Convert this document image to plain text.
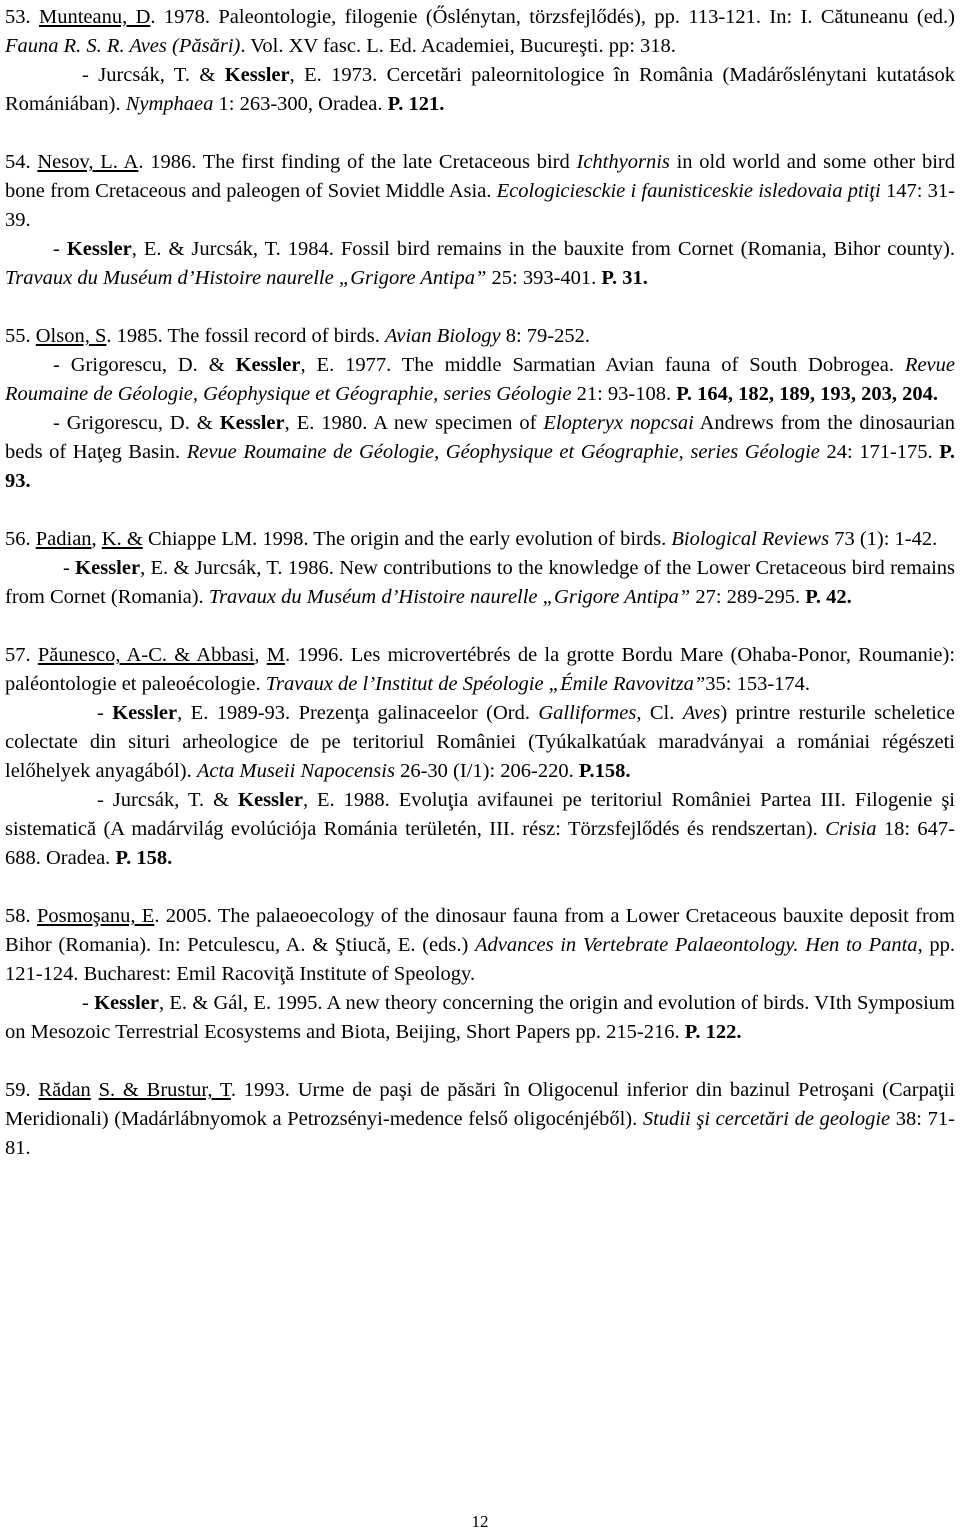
53. Munteanu, D. 1978. Paleontologie, filogenie (Őslénytan, törzsfejlődés), pp. 113-121. In: I. Cătuneanu (ed.) Fauna R. S. R. Aves (Păsări). Vol. XV fasc. L. Ed. Academiei, Bucureşti. pp: 318.

- Jurcsák, T. & Kessler, E. 1973. Cercetări paleornitologice în România (Madárőslénytani kutatások Romániában). Nymphaea 1: 263-300, Oradea. P. 121.

54. Nesov, L. A. 1986. The first finding of the late Cretaceous bird Ichthyornis in old world and some other bird bone from Cretaceous and paleogen of Soviet Middle Asia. Ecologiciesckie i faunisticeskie isledovaia ptiţi 147: 31-39.

- Kessler, E. & Jurcsák, T. 1984. Fossil bird remains in the bauxite from Cornet (Romania, Bihor county). Travaux du Muséum d’Histoire naurelle „Grigore Antipa” 25: 393-401. P. 31.

55. Olson, S. 1985. The fossil record of birds. Avian Biology 8: 79-252.

- Grigorescu, D. & Kessler, E. 1977. The middle Sarmatian Avian fauna of South Dobrogea. Revue Roumaine de Géologie, Géophysique et Géographie, series Géologie 21: 93-108. P. 164, 182, 189, 193, 203, 204.

- Grigorescu, D. & Kessler, E. 1980. A new specimen of Elopteryx nopcsai Andrews from the dinosaurian beds of Haţeg Basin. Revue Roumaine de Géologie, Géophysique et Géographie, series Géologie 24: 171-175. P. 93.

56. Padian, K. & Chiappe LM. 1998. The origin and the early evolution of birds. Biological Reviews 73 (1): 1-42.

- Kessler, E. & Jurcsák, T. 1986. New contributions to the knowledge of the Lower Cretaceous bird remains from Cornet (Romania). Travaux du Muséum d’Histoire naurelle „Grigore Antipa” 27: 289-295. P. 42.

57. Păunesco, A-C. & Abbasi, M. 1996. Les microvertébrés de la grotte Bordu Mare (Ohaba-Ponor, Roumanie): paléontologie et paleoécologie. Travaux de l’Institut de Spéologie „Émile Ravovitza”35: 153-174.

- Kessler, E. 1989-93. Prezenţa galinaceelor (Ord. Galliformes, Cl. Aves) printre resturile scheletice colectate din situri arheologice de pe teritoriul României (Tyúkalkatúak maradványai a romániai régészeti lelőhelyek anyagából). Acta Museii Napocensis 26-30 (I/1): 206-220. P.158.

- Jurcsák, T. & Kessler, E. 1988. Evoluţia avifaunei pe teritoriul României Partea III. Filogenie şi sistematică (A madárvilág evolúciója Románia területén, III. rész: Törzsfejlődés és rendszertan). Crisia 18: 647-688. Oradea. P. 158.

58. Posmoşanu, E. 2005. The palaeoecology of the dinosaur fauna from a Lower Cretaceous bauxite deposit from Bihor (Romania). In: Petculescu, A. & Ştiucă, E. (eds.) Advances in Vertebrate Palaeontology. Hen to Panta, pp. 121-124. Bucharest: Emil Racoviţă Institute of Speology.

- Kessler, E. & Gál, E. 1995. A new theory concerning the origin and evolution of birds. VIth Symposium on Mesozoic Terrestrial Ecosystems and Biota, Beijing, Short Papers pp. 215-216. P. 122.

59. Rădan S. & Brustur, T. 1993. Urme de paşi de păsări în Oligocenul inferior din bazinul Petroşani (Carpaţii Meridionali) (Madárlábnyomok a Petrozsényi-medence felső oligocénjéből). Studii şi cercetări de geologie 38: 71-81.

12
